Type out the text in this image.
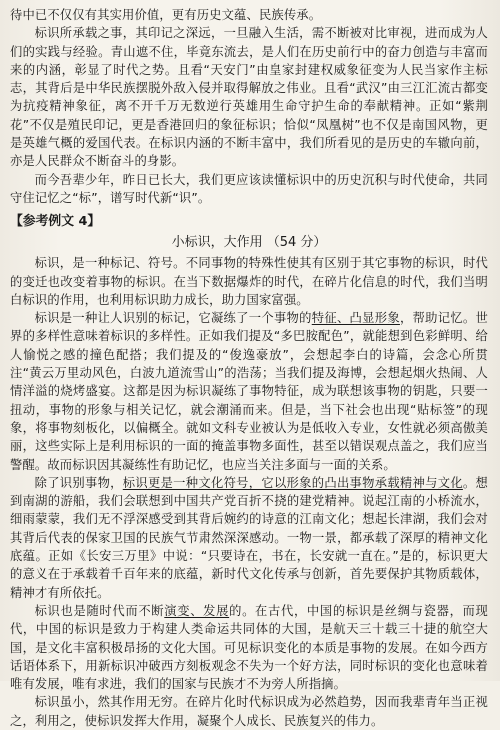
待中已不仅仅有其实用价值，更有历史文蕴、民族传承。

标识所承载之事，其印记之深远，一旦融入生活，需不断被对比审视，进而成为人们的实践与经验。青山遮不住，毕竟东流去，是人们在历史前行中的奋力创造与丰富而来的内涵，彰显了时代之势。且看“天安门”由皇家封建权威象征变为人民当家作主标志，其背后是中华民族摆脱外敌入侵并取得解放之伟业。且看“武汉”由三江汇流古都变为抗疫精神象征，离不开千万无数逆行英雄用生命守护生命的奉献精神。正如“紫荆花”不仅是殖民印记，更是香港回归的象征标识；恰似“凤凰树”也不仅是南国风物，更是英雄气概的爱国代表。在标识内涵的不断丰富中，我们所看见的是历史的车辙向前，亦是人民群众不断奋斗的身影。

而今吾辈少年，昨日已长大，我们更应该读懂标识中的历史沉积与时代使命，共同守住记忆之“标”，谱写时代新“识”。

【参考例文 4】
小标识，大作用 （54 分）

标识，是一种标记、符号。不同事物的特殊性使其有区别于其它事物的标识，时代的变迁也改变着事物的标识。在当下数据爆炸的时代，在碎片化信息的时代，我们当明白标识的作用，也利用标识助力成长，助力国家富强。

标识是一种让人识别的标记，它凝练了一个事物的特征、凸显形象，帮助记忆。世界的多样性意味着标识的多样性。正如我们提及“多巴胺配色”，就能想到色彩鲜明、给人愉悦之感的撞色配搭；我们提及的“俊逸豪放”，会想起李白的诗篇，会念心所贯注“黄云万里动风色，白波九道流雪山”的浩荡；当我们提及海博，会想起烟火热闹、人情洋溢的烧烤盛宴。这都是因为标识凝练了事物特征，成为联想该事物的钥匙，只要一扭动，事物的形象与相关记忆，就会潮涌而来。但是，当下社会也出现“贴标签”的现象，将事物刻板化，以偏概全。就如文科专业被认为是低收入专业，女性就必须高傲美丽，这些实际上是利用标识的一面的掩盖事物多面性，甚至以错误观点盖之，我们应当警醒。故而标识因其凝练性有助记忆，也应当关注多面与一面的关系。

除了识别事物，标识更是一种文化符号，它以形象的凸出事物承载精神与文化。想到南湖的游船，我们会联想到中国共产党百折不挠的建党精神。说起江南的小桥流水，细雨蒙蒙，我们无不浮深感受到其背后婉约的诗意的江南文化；想起长津湖，我们会对其背后代表的保家卫国的民族气节肃然深深感动。一物一景，都承载了深厚的精神文化底蕴。正如《长安三万里》中说：“只要诗在，书在，长安就一直在。”是的，标识更大的意义在于承载着千百年来的底蕴，新时代文化传承与创新，首先要保护其物质载体，精神才有所依托。

标识也是随时代而不断演变、发展的。在古代，中国的标识是丝绸与瓷器，而现代，中国的标识是致力于构建人类命运共同体的大国，是航天三十载三十捷的航空大国，是文化丰富积极昂扬的文化大国。可见标识变化的本质是事物的发展。在如今西方话语体系下，用新标识冲破西方刻板观念不失为一个好方法，同时标识的变化也意味着唯有发展，唯有求进，我们的国家与民族才不为旁人所指摘。

标识虽小，然其作用无穷。在碎片化时代标识成为必然趋势，因而我辈青年当正视之，利用之，使标识发挥大作用，凝聚个人成长、民族复兴的伟力。
